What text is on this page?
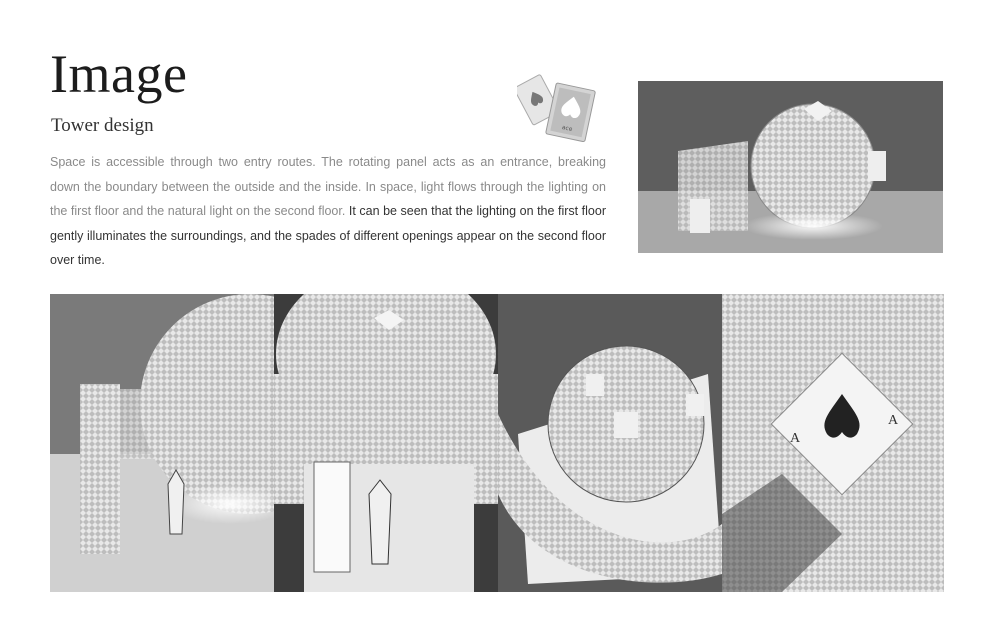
Image
Tower design

Space is accessible through two entry routes. The rotating panel acts as an entrance, breaking down the boundary between the outside and the inside. In space, light flows through the lighting on the first floor and the natural light on the second floor. It can be seen that the lighting on the first floor gently illuminates the surroundings, and the spades of different openings appear on the second floor over time.

ace
A
A
